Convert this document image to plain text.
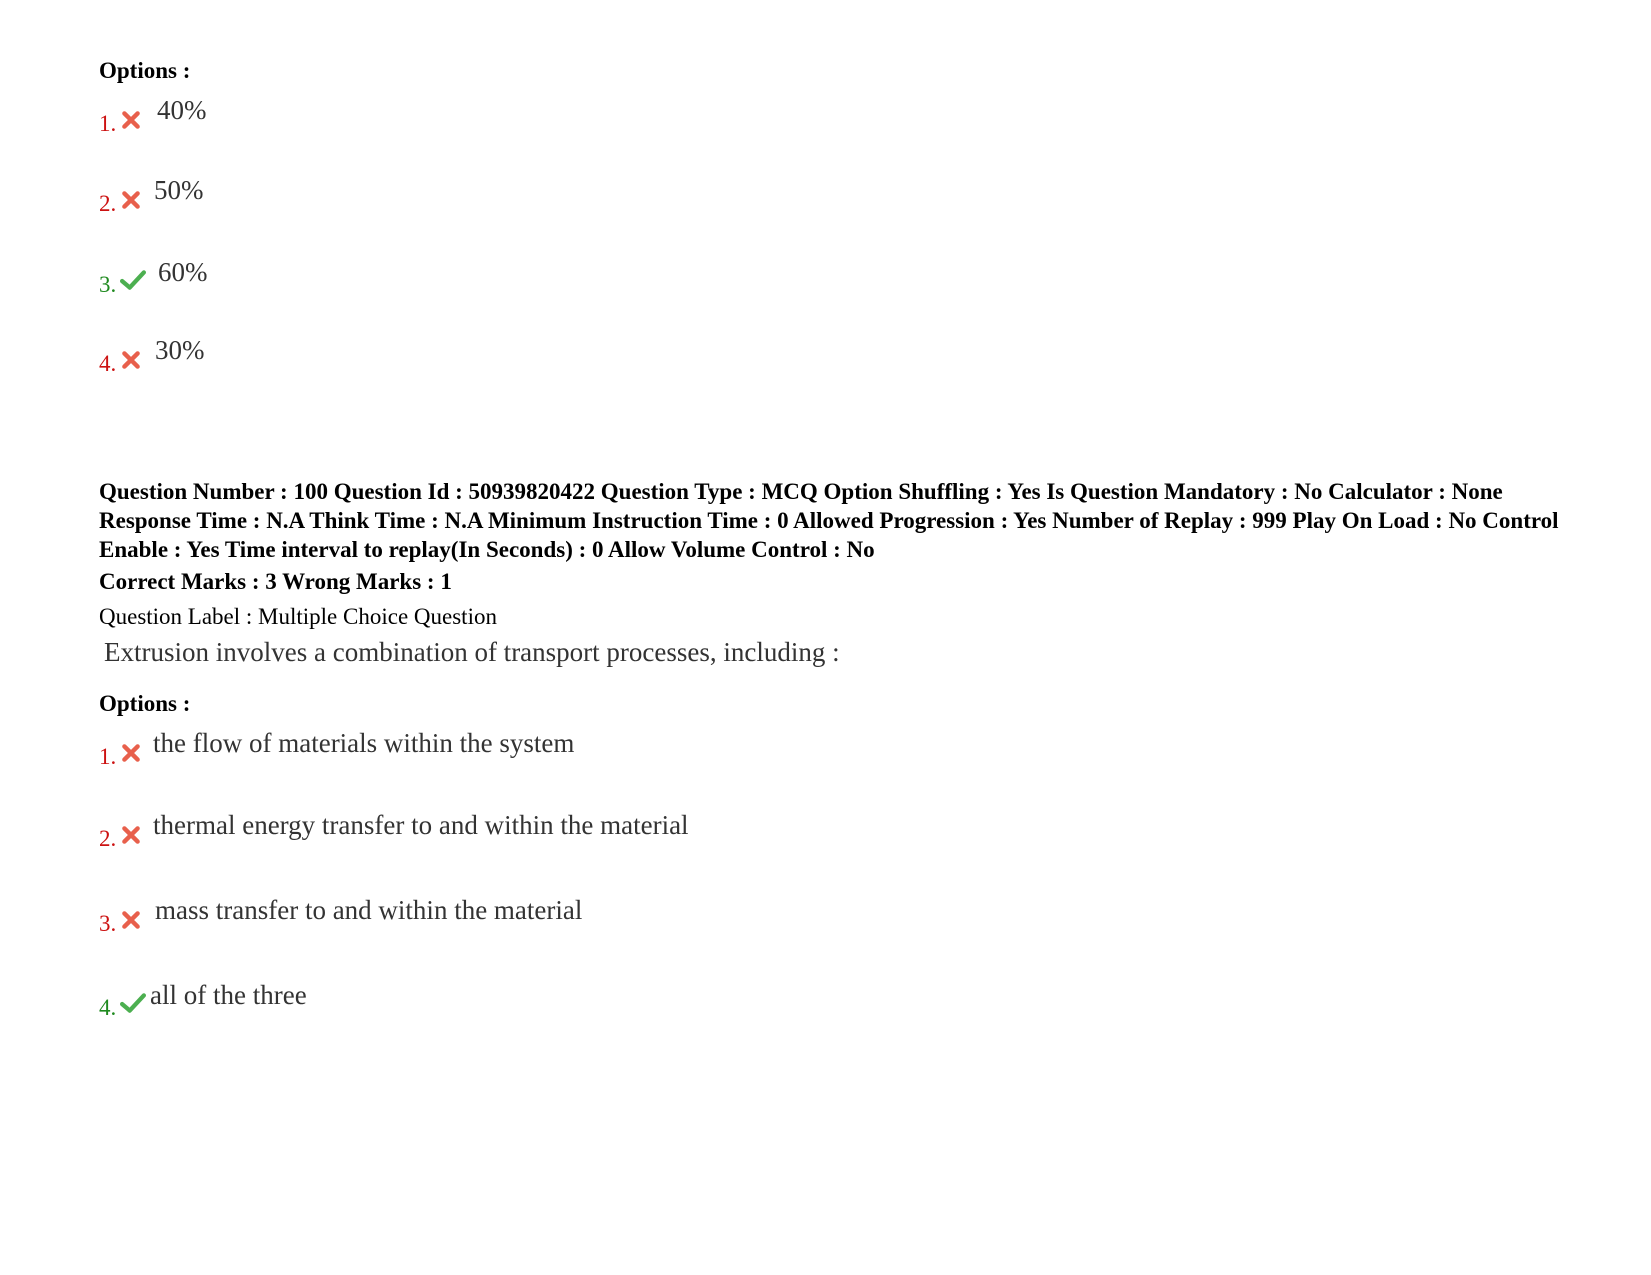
Options :
1. 40%
2. 50%
3. 60%
4. 30%
Question Number : 100 Question Id : 50939820422 Question Type : MCQ Option Shuffling : Yes Is Question Mandatory : No Calculator : None Response Time : N.A Think Time : N.A Minimum Instruction Time : 0 Allowed Progression : Yes Number of Replay : 999 Play On Load : No Control Enable : Yes Time interval to replay(In Seconds) : 0 Allow Volume Control : No
Correct Marks : 3 Wrong Marks : 1
Question Label : Multiple Choice Question
Extrusion involves a combination of transport processes, including :
Options :
1. the flow of materials within the system
2. thermal energy transfer to and within the material
3. mass transfer to and within the material
4. all of the three
